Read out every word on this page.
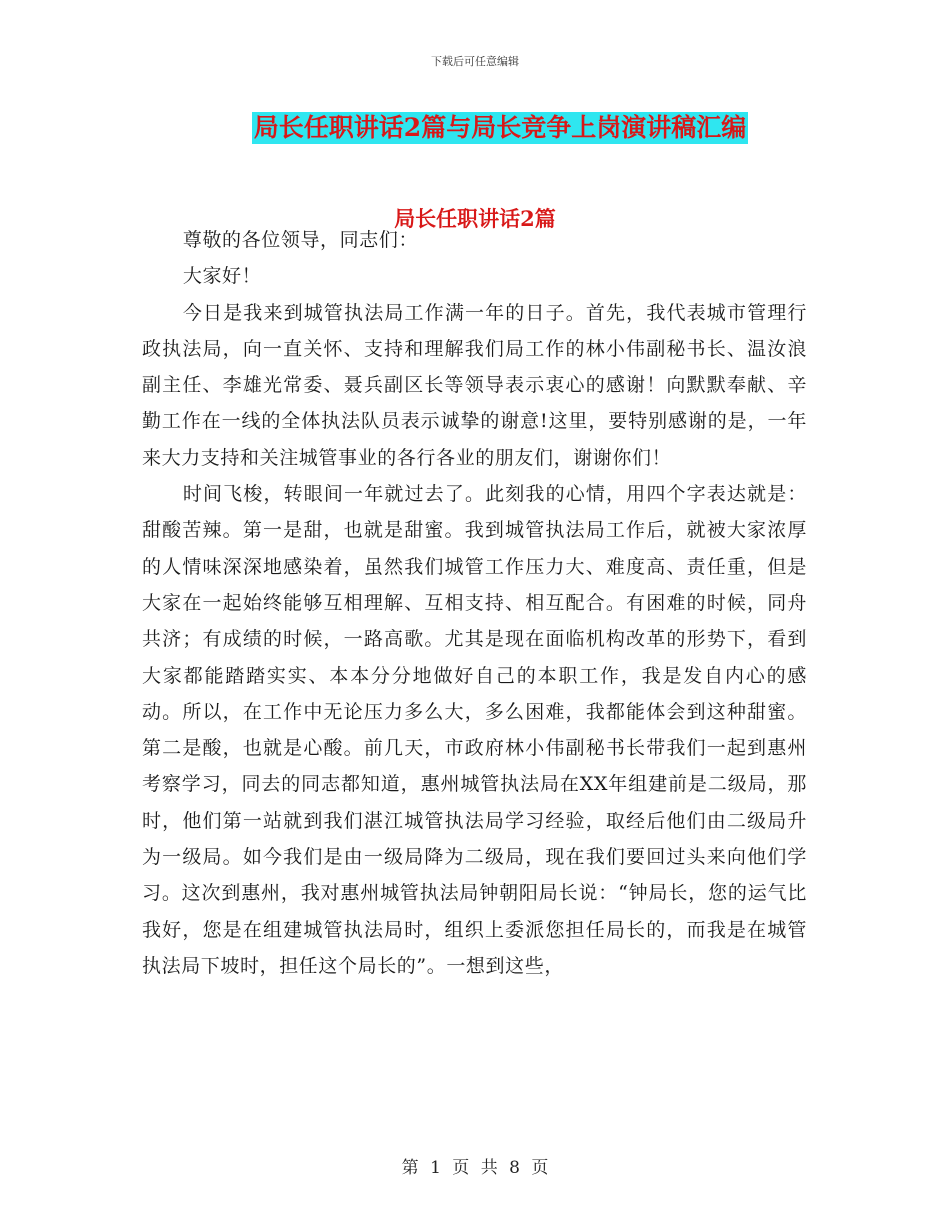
下载后可任意编辑
局长任职讲话2篇与局长竞争上岗演讲稿汇编
局长任职讲话2篇

尊敬的各位领导，同志们：

大家好！

今日是我来到城管执法局工作满一年的日子。首先，我代表城市管理行政执法局，向一直关怀、支持和理解我们局工作的林小伟副秘书长、温汝浪副主任、李雄光常委、聂兵副区长等领导表示衷心的感谢！向默默奉献、辛勤工作在一线的全体执法队员表示诚挚的谢意!这里，要特别感谢的是，一年来大力支持和关注城管事业的各行各业的朋友们，谢谢你们！

时间飞梭，转眼间一年就过去了。此刻我的心情，用四个字表达就是：甜酸苦辣。第一是甜，也就是甜蜜。我到城管执法局工作后，就被大家浓厚的人情味深深地感染着，虽然我们城管工作压力大、难度高、责任重，但是大家在一起始终能够互相理解、互相支持、相互配合。有困难的时候，同舟共济；有成绩的时候，一路高歌。尤其是现在面临机构改革的形势下，看到大家都能踏踏实实、本本分分地做好自己的本职工作，我是发自内心的感动。所以，在工作中无论压力多么大，多么困难，我都能体会到这种甜蜜。第二是酸，也就是心酸。前几天，市政府林小伟副秘书长带我们一起到惠州考察学习，同去的同志都知道，惠州城管执法局在XX年组建前是二级局，那时，他们第一站就到我们湛江城管执法局学习经验，取经后他们由二级局升为一级局。如今我们是由一级局降为二级局，现在我们要回过头来向他们学习。这次到惠州，我对惠州城管执法局钟朝阳局长说：“钟局长，您的运气比我好，您是在组建城管执法局时，组织上委派您担任局长的，而我是在城管执法局下坡时，担任这个局长的”。一想到这些，

第 1 页 共 8 页
